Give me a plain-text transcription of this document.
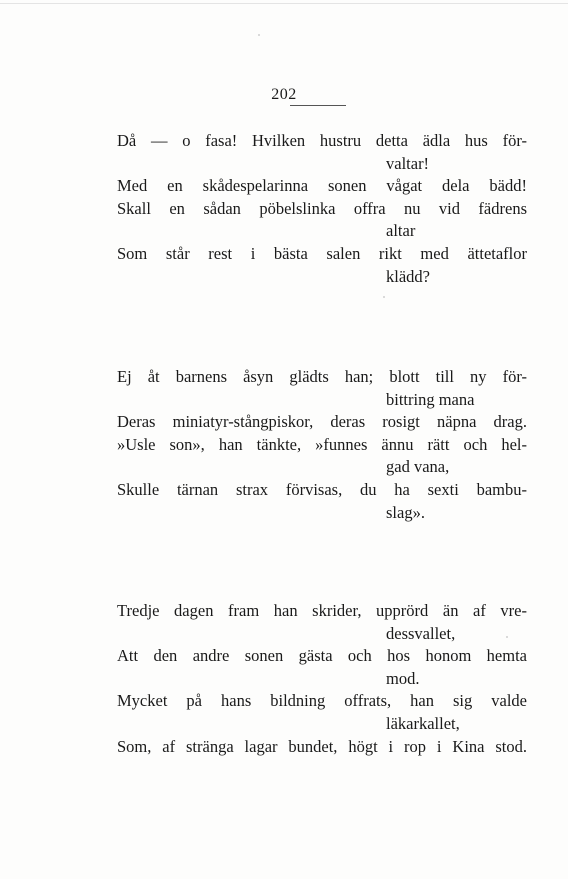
202
Då — o fasa! Hvilken hustru detta ädla hus för-
valtar!
Med en skådespelarinna sonen vågat dela bädd!
Skall en sådan pöbelslinka offra nu vid fädrens
altar
Som står rest i bästa salen rikt med ättetaflor
klädd?
Ej åt barnens åsyn glädts han; blott till ny för-
bittring mana
Deras miniatyr-stångpiskor, deras rosigt näpna drag.
»Usle son», han tänkte, »funnes ännu rätt och hel-
gad vana,
Skulle tärnan strax förvisas, du ha sexti bambu-
slag».
Tredje dagen fram han skrider, upprörd än af vre-
dessvallet,
Att den andre sonen gästa och hos honom hemta
mod.
Mycket på hans bildning offrats, han sig valde
läkarkallet,
Som, af stränga lagar bundet, högt i rop i Kina stod.
